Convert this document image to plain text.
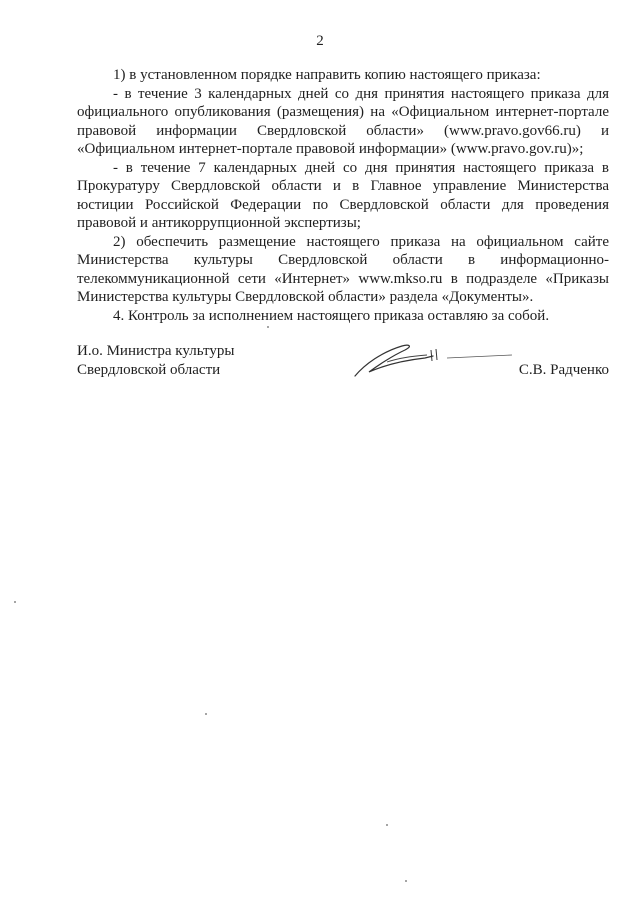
2

1) в установленном порядке направить копию настоящего приказа:

- в течение 3 календарных дней со дня принятия настоящего приказа для официального опубликования (размещения) на «Официальном интернет-портале правовой информации Свердловской области» (www.pravo.gov66.ru) и «Официальном интернет-портале правовой информации» (www.pravo.gov.ru)»;

- в течение 7 календарных дней со дня принятия настоящего приказа в Прокуратуру Свердловской области и в Главное управление Министерства юстиции Российской Федерации по Свердловской области для проведения правовой и антикоррупционной экспертизы;

2) обеспечить размещение настоящего приказа на официальном сайте Министерства культуры Свердловской области в информационно-телекоммуникационной сети «Интернет» www.mkso.ru в подразделе «Приказы Министерства культуры Свердловской области» раздела «Документы».

4. Контроль за исполнением настоящего приказа оставляю за собой.

И.о. Министра культуры

Свердловской области	С.В. Радченко
